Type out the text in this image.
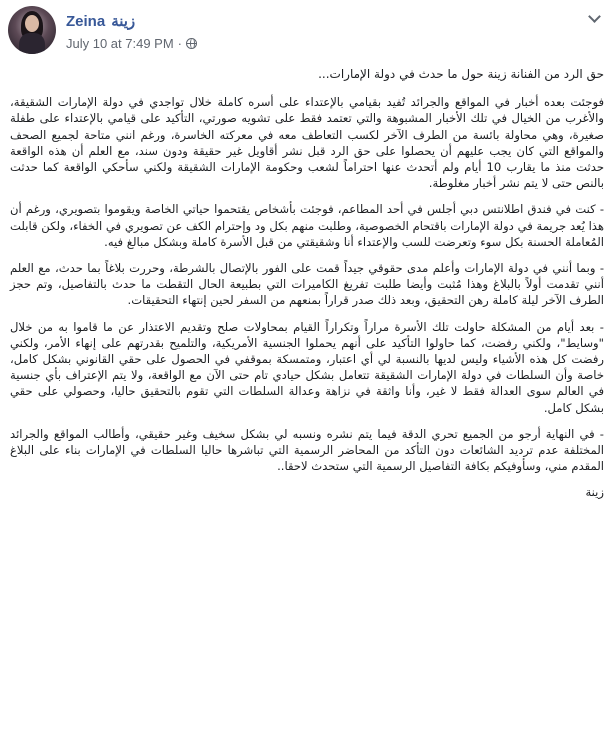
Zeina زينة
July 10 at 7:49 PM ·

حق الرد من الفنانة زينة حول ما حدث في دولة الإمارات...

فوجئت بعده أخبار في المواقع والجرائد تُفيد بقيامي بالإعتداء على أسره كاملة خلال تواجدي في دولة الإمارات الشقيقة، والأغرب من الخيال في تلك الأخبار المشبوهة والتي تعتمد فقط على تشويه صورتي، التأكيد على قيامي بالإعتداء على طفلة صغيرة، وهي محاولة بائسة من الطرف الآخر لكسب التعاطف معه في معركته الخاسرة، ورغم انني متاحة لجميع الصحف والمواقع التي كان يجب عليهم أن يحصلوا على حق الرد قبل نشر أقاويل غير حقيقة ودون سند، مع العلم أن هذه الواقعة حدثت منذ ما يقارب 10 أيام ولم أتحدث عنها احتراماً لشعب وحكومة الإمارات الشقيقة ولكني سأحكي الواقعة كما حدثت بالنص حتى لا يتم نشر أخبار مغلوطة.

- كنت في فندق اطلانتس دبي أجلس في أحد المطاعم، فوجئت بأشخاص يقتحموا حياتي الخاصة ويقوموا بتصويري، ورغم أن هذا يُعد جريمة في دولة الإمارات باقتحام الخصوصية، وطلبت منهم بكل ود وإحترام الكف عن تصويري في الخفاء، ولكن قابلت المُعاملة الحسنة بكل سوء وتعرضت للسب والإعتداء أنا وشقيقتي من قبل الأسرة كاملة وبشكل مبالغ فيه.

- وبما أنني في دولة الإمارات وأعلم مدى حقوقي جيداً قمت على الفور بالإتصال بالشرطة، وحررت بلاغاً بما حدث، مع العلم أنني تقدمت أولاً بالبلاغ وهذا مُثبت وأيضا طلبت تفريغ الكاميرات التي بطبيعة الحال التقطت ما حدث بالتفاصيل، وتم حجز الطرف الآخر ليلة كاملة رهن التحقيق، وبعد ذلك صدر قراراً بمنعهم من السفر لحين إنتهاء التحقيقات.

- بعد أيام من المشكلة حاولت تلك الأسرة مراراً وتكراراً القيام بمحاولات صلح وتقديم الاعتذار عن ما قاموا به من خلال "وسايط"، ولكني رفضت، كما حاولوا التأكيد على أنهم يحملوا الجنسية الأمريكية، والتلميح بقدرتهم على إنهاء الأمر، ولكني رفضت كل هذه الأشياء وليس لديها بالنسبة لي أي اعتبار، ومتمسكة بموقفي في الحصول على حقي القانوني بشكل كامل، خاصة وأن السلطات في دولة الإمارات الشقيقة تتعامل بشكل حيادي تام حتى الآن مع الواقعة، ولا يتم الإعتراف بأي جنسية في العالم سوى العدالة فقط لا غير، وأنا واثقة في نزاهة وعدالة السلطات التي تقوم بالتحقيق حاليا، وحصولي على حقي بشكل كامل.

- في النهاية أرجو من الجميع تحري الدقة فيما يتم نشره ونسبه لي بشكل سخيف وغير حقيقي، وأطالب المواقع والجرائد المختلفة عدم ترديد الشائعات دون التأكد من المحاضر الرسمية التي تباشرها حاليا السلطات في الإمارات بناء على البلاغ المقدم مني، وسأوفيكم بكافة التفاصيل الرسمية التي ستحدث لاحقا..

زينة
